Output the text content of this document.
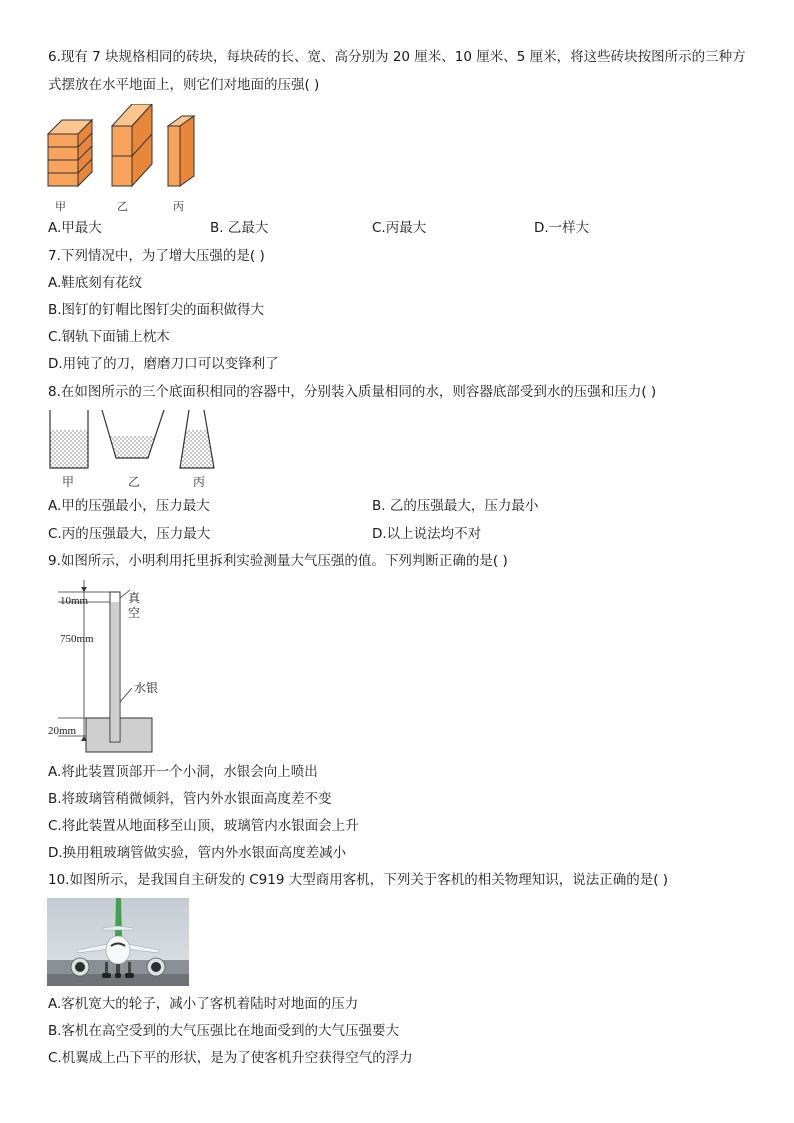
6.现有 7 块规格相同的砖块，每块砖的长、宽、高分别为 20 厘米、10 厘米、5 厘米，将这些砖块按图所示的三种方
式摆放在水平地面上，则它们对地面的压强( )
甲	乙	丙
A.甲最大	B. 乙最大	C.丙最大	D.一样大
7.下列情况中，为了增大压强的是( )
A.鞋底刻有花纹
B.图钉的钉帽比图钉尖的面积做得大
C.钢轨下面铺上枕木
D.用钝了的刀，磨磨刀口可以变锋利了
8.在如图所示的三个底面积相同的容器中，分别装入质量相同的水，则容器底部受到水的压强和压力( )
甲	乙	丙
A.甲的压强最小，压力最大	B. 乙的压强最大，压力最小
C.丙的压强最大，压力最大	D.以上说法均不对
9.如图所示，小明利用托里拆利实验测量大气压强的值。下列判断正确的是( )
10mm
750mm
20mm
真
空
水银
A.将此装置顶部开一个小洞，水银会向上喷出
B.将玻璃管稍微倾斜，管内外水银面高度差不变
C.将此装置从地面移至山顶，玻璃管内水银面会上升
D.换用粗玻璃管做实验，管内外水银面高度差减小
10.如图所示，是我国自主研发的 C919 大型商用客机，下列关于客机的相关物理知识，说法正确的是( )
A.客机宽大的轮子，减小了客机着陆时对地面的压力
B.客机在高空受到的大气压强比在地面受到的大气压强要大
C.机翼成上凸下平的形状，是为了使客机升空获得空气的浮力
